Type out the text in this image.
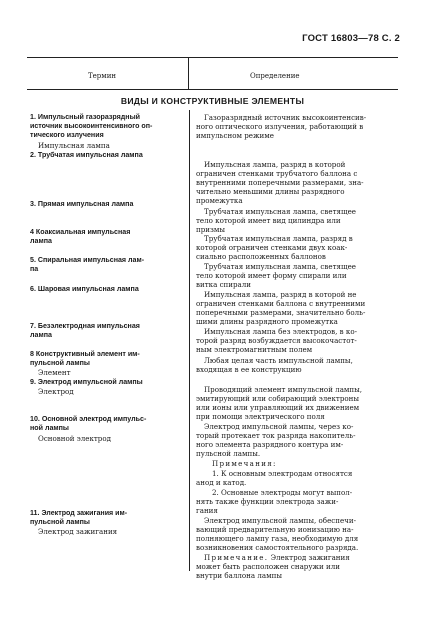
ГОСТ 16803—78 С. 2
Термин	Определение
ВИДЫ И КОНСТРУКТИВНЫЕ ЭЛЕМЕНТЫ
1. Импульсный газоразрядный
источник высокоинтенсивного оп-
тического излучения
Импульсная лампа
2. Трубчатая импульсная лампа
3. Прямая импульсная лампа
4 Коаксиальная импульсная
лампа
5. Спиральная импульсная лам-
па
6. Шаровая импульсная лампа
7. Безэлектродная импульсная
лампа
8 Конструктивный элемент им-
пульсной лампы
Элемент
9. Электрод импульсной лампы
Электрод
10. Основной электрод импульс-
ной лампы
Основной электрод
11. Электрод зажигания им-
пульсной лампы
Электрод зажигания
Газоразрядный источник высокоинтенсив-
ного оптического излучения, работающий в
импульсном режиме
Импульсная лампа, разряд в которой
ограничен стенками трубчатого баллона с
внутренними поперечными размерами, зна-
чительно меньшими длины разрядного
промежутка
Трубчатая импульсная лампа, светящее
тело которой имеет вид цилиндра или
призмы
Трубчатая импульсная лампа, разряд в
которой ограничен стенками двух коак-
сиально расположенных баллонов
Трубчатая импульсная лампа, светящее
тело которой имеет форму спирали или
витка спирали
Импульсная лампа, разряд в которой не
ограничен стенками баллона с внутренними
поперечными размерами, значительно боль-
шими длины разрядного промежутка
Импульсная лампа без электродов, в ко-
торой разряд возбуждается высокочастот-
ным электромагнитным полем
Любая целая часть импульсной лампы,
входящая в ее конструкцию
Проводящий элемент импульсной лампы,
эмитирующий или собирающий электроны
или ионы или управляющий их движением
при помощи электрического поля
Электрод импульсной лампы, через ко-
торый протекает ток разряда накопитель-
ного элемента разрядного контура им-
пульсной лампы.
Примечания:
1. К основным электродам относятся
анод и катод.
2. Основные электроды могут выпол-
нять также функции электрода зажи-
гания
Электрод импульсной лампы, обеспечи-
вающий предварительную ионизацию на-
полняющего лампу газа, необходимую для
возникновения самостоятельного разряда.
Примечание. Электрод зажигания
может быть расположен снаружи или
внутри баллона лампы
